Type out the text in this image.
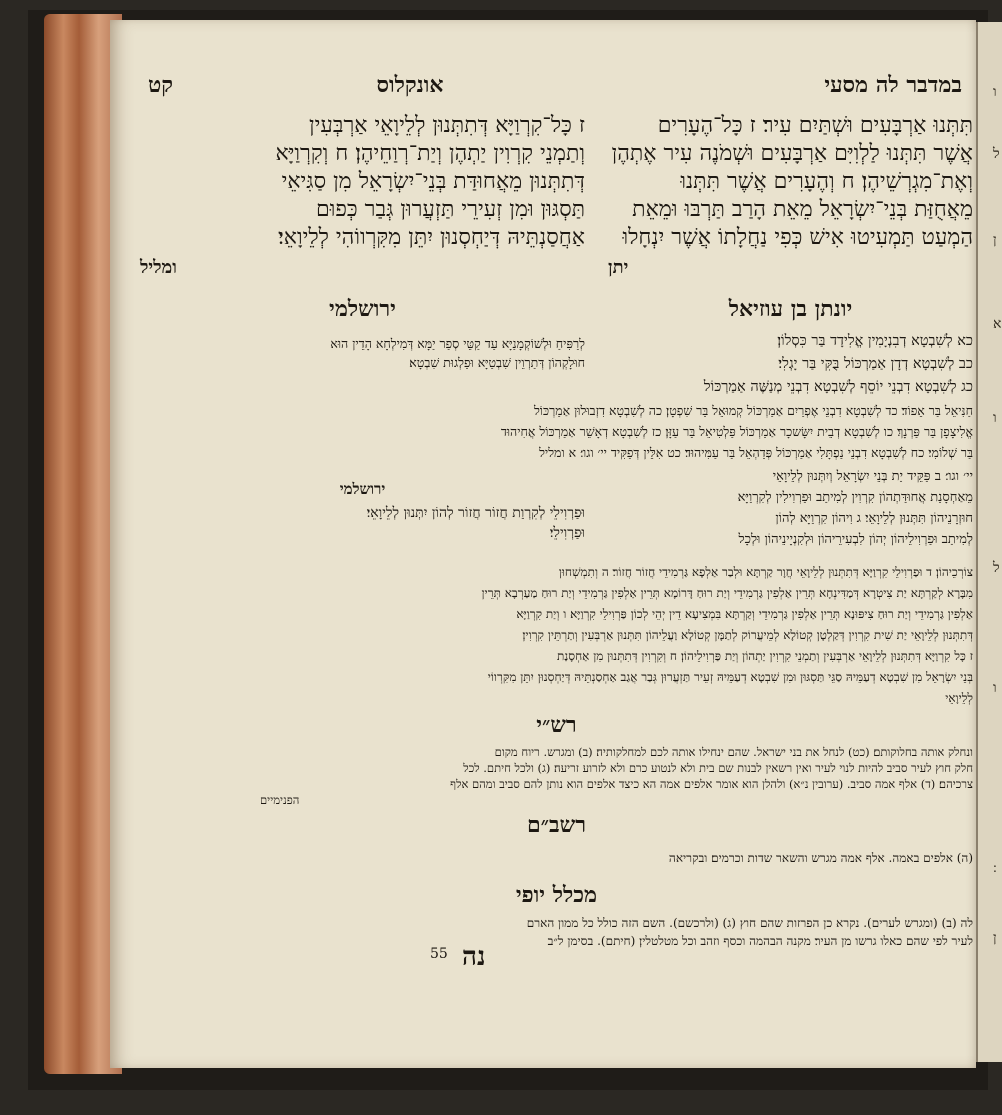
ו
ל
ן
א
ו
ל
ו
ן
במדבר לה מסעי
אונקלוס
קט
תִּתְּנוּ אַרְבָּעִים וּשְׁתַּיִם עִיר׃ ז כָּל־הֶעָרִים
אֲשֶׁר תִּתְּנוּ לַלְוִיִּם אַרְבָּעִים וּשְׁמֹנֶה עִיר אֶתְהֶן
וְאֶת־מִגְרְשֵׁיהֶן׃ ח וְהֶעָרִים אֲשֶׁר תִּתְּנוּ
מֵאֲחֻזַּת בְּנֵי־יִשְׂרָאֵל מֵאֵת הָרַב תַּרְבּוּ וּמֵאֵת
הַמְעַט תַּמְעִיטוּ אִישׁ כְּפִי נַחֲלָתוֹ אֲשֶׁר יִנְחָלוּ
יתן
ז כָּל־קִרְוַיָּא דְּתִתְּנוּן לְלֵיוָאֵי אַרְבְּעִין
וְתַמְנֵי קִרְוִין יַתְהֶן וְיַת־רְוַחֵיהֶן׃ ח וְקִרְוַיָּא
דְּתִתְּנוּן מֵאֲחוּדַּת בְּנֵי־יִשְׂרָאֵל מִן סַגִּיאֵי
תַּסְגּוּן וּמִן זְעִירֵי תַּזְעֲרוּן גְּבַר כְּפוּם
אַחֲסַנְתֵּיהּ דְּיַחְסְנוּן יִתֵּן מִקִּרְווֹהִי לְלֵיוָאֵי׃
ומליל
יונתן בן עוזיאל
ירושלמי
כא לְשִׁבְטָא דְבִנְיָמִין אֱלִידָד בַּר כִּסְלוֹן׃
כב לְשִׁבְטָא דְדָן אַמַרְכּוֹל בֻּקִּי בַּר יָגְלִי׃
כג לְשִׁבְטָא דִבְנֵי יוֹסֵף לְשִׁבְטָא דִבְנֵי מְנַשֶּׁה אַמַרְכּוֹל
לְרַפִּיחַ וּלְשׁוֹקְמָנַיָּא עַד קַטֵּי סְפַר יַמָּא דְּמִילְחָא הָדֵין הוּא
חוּלָקְהוֹן דְּתַרְוֵין שִׁבְטַיָּא וּפַלְגוּת שִׁבְטָא׃
חַנִּיאֵל בַּר אֵפוֹד׃ כד לְשִׁבְטָא דִבְנֵי אֶפְרַיִם אַמַרְכּוֹל קְמוּאֵל בַּר שִׁפְטָן׃ כה לְשִׁבְטָא דִזְבוּלוּן אַמַרְכּוֹל
אֱלִיצָפָן בַּר פַּרְנָךְ׃ כו לְשִׁבְטָא דְבֵית יִשָּׂשכָר אַמַרְכּוֹל פַּלְטִיאֵל בַּר עַזָּן׃ כז לְשִׁבְטָא דְאָשֵׁר אַמַרְכּוֹל אֲחִיהוּד
בַּר שְׁלוֹמִי׃ כח לְשִׁבְטָא דִבְנֵי נַפְתָּלִי אַמַרְכּוֹל פְּדַהְאֵל בַּר עַמִּיהוּד׃ כט אִלֵּין דְּפַקִּיד יי׳ וגו׳׃ א ומליל
ירושלמי
וּפַרְוִילֵי לְקִרְוַת חֲזוֹר חֲזוֹר לְהוֹן יִתְּנוּן לְלֵיוָאֵי׃
וּפַרְוִילֵי׃
יי׳ וגו׳׃ ב פַּקֵּיד יַת בְּנֵי יִשְׂרָאֵל וְיִתְּנוּן לְלֵיוָאֵי
מֵאַחְסָנַת אֲחוּדַּתְהוֹן קִרְוִין לְמִיתַב וּפַרְוִילִין לְקִרְוַיָּא
חוּזְרָנֵיהוֹן תִּתְּנוּן לְלֵיוָאֵי׃ ג וִיהוֹן קִרְוַיָּא לְהוֹן
לְמִיתַב וּפַרְוִילֵיהוֹן יְהוֹן לִבְעִירֵיהוֹן וּלְקִנְיָינֵיהוֹן וּלְכָל
צוֹרְכֵיהוֹן׃ ד וּפַרְוִילֵי קִרְוַיָּא דְּתִתְּנוּן לְלֵיוָאֵי חֲוָר קַרְתָּא וּלְבַר אַלְפָא גַּרְמִידֵי חֲזוֹר חֲזוֹר׃ ה וְתִמְשְׁחוּן
מִבָּרָא לְקַרְתָּא יַת צִיטְרָא דְּמַדִּינְחָא תְּרֵין אַלְפִין גַּרְמִידֵי וְיַת רוּחַ דָּרוֹמָא תְּרֵין אַלְפִין גַּרְמִידֵי וְיַת רוּחַ מַעַרְבָא תְּרֵין
אַלְפִין גַּרְמִידֵי וְיַת רוּחַ צִיפּוּנָא תְּרֵין אַלְפִין גַּרְמִידֵי וְקַרְתָּא בִּמְצִיעָא דֵין יְהֵי לְכוֹן פַּרְוִילֵי קִרְוַיָּא׃ ו וְיַת קִרְוַיָּא
דְּתִתְּנוּן לְלֵיוָאֵי יַת שִׁית קִרְוִין דְּקַלְטָן קְטוֹלָא לְמֵיעֲרוֹק לְתַמָּן קְטוֹלָא וַעֲלֵיהוֹן תִּתְּנוּן אַרְבְּעִין וְתַרְתֵּין קִרְוִין׃
ז כָּל קִרְוַיָּא דְּתִתְּנוּן לְלֵיוָאֵי אַרְבְּעִין וְתַמְנֵי קִרְוִין יַתְהוֹן וְיַת פַּרְוִילֵיהוֹן׃ ח וְקִרְוִין דְּתִתְּנוּן מִן אַחְסָנַת
בְּנֵי יִשְׂרָאֵל מִן שִׁבְטָא דְעַמֵּיהּ סַגֵּי תַּסְגּוּן וּמִן שִׁבְטָא דְעַמֵּיהּ זְעֵיר תַּזְעֲרוּן גְּבַר אֲגַב אַחְסַנְתֵּיהּ דְּיַחְסְנוּן יִתֵּן מִקִּרְווֹי
לְלֵיוָאֵי
רש״י
ונחלק אותה בחלוקותם׃ (כט) לנחל את בני ישראל. שהם ינחילו אותה לכם למחלקותיה׃ (ב) ומגרש. ריוח מקום
חלק חוץ לעיר סביב להיות לנוי לעיר ואין רשאין לבנות שם בית ולא לנטוע כרם ולא לזרוע זריעה׃ (ג) ולכל חיתם. לכל
צרכיהם׃ (ד) אלף אמה סביב. (ערובין נ״א) ולהלן הוא אומר אלפים אמה הא כיצד אלפים הוא נותן להם סביב ומהם אלף
הפנימיים
רשב״ם
(ה) אלפים באמה. אלף אמה מגרש והשאר שדות וכרמים׃ ובקריאה
מכלל יופי
לה (ב) (ומגרש לערים). נקרא כן הפרזות שהם חוץ (ג) (ולרכשם). השם הזה כולל כל ממון הארם
לעיר לפי שהם כאלו גרשו מן העיר׃ מקנה הבהמה וכסף וזהב וכל מטלטלין׃ (חיתם). בסימן ל״ב
55 נה
